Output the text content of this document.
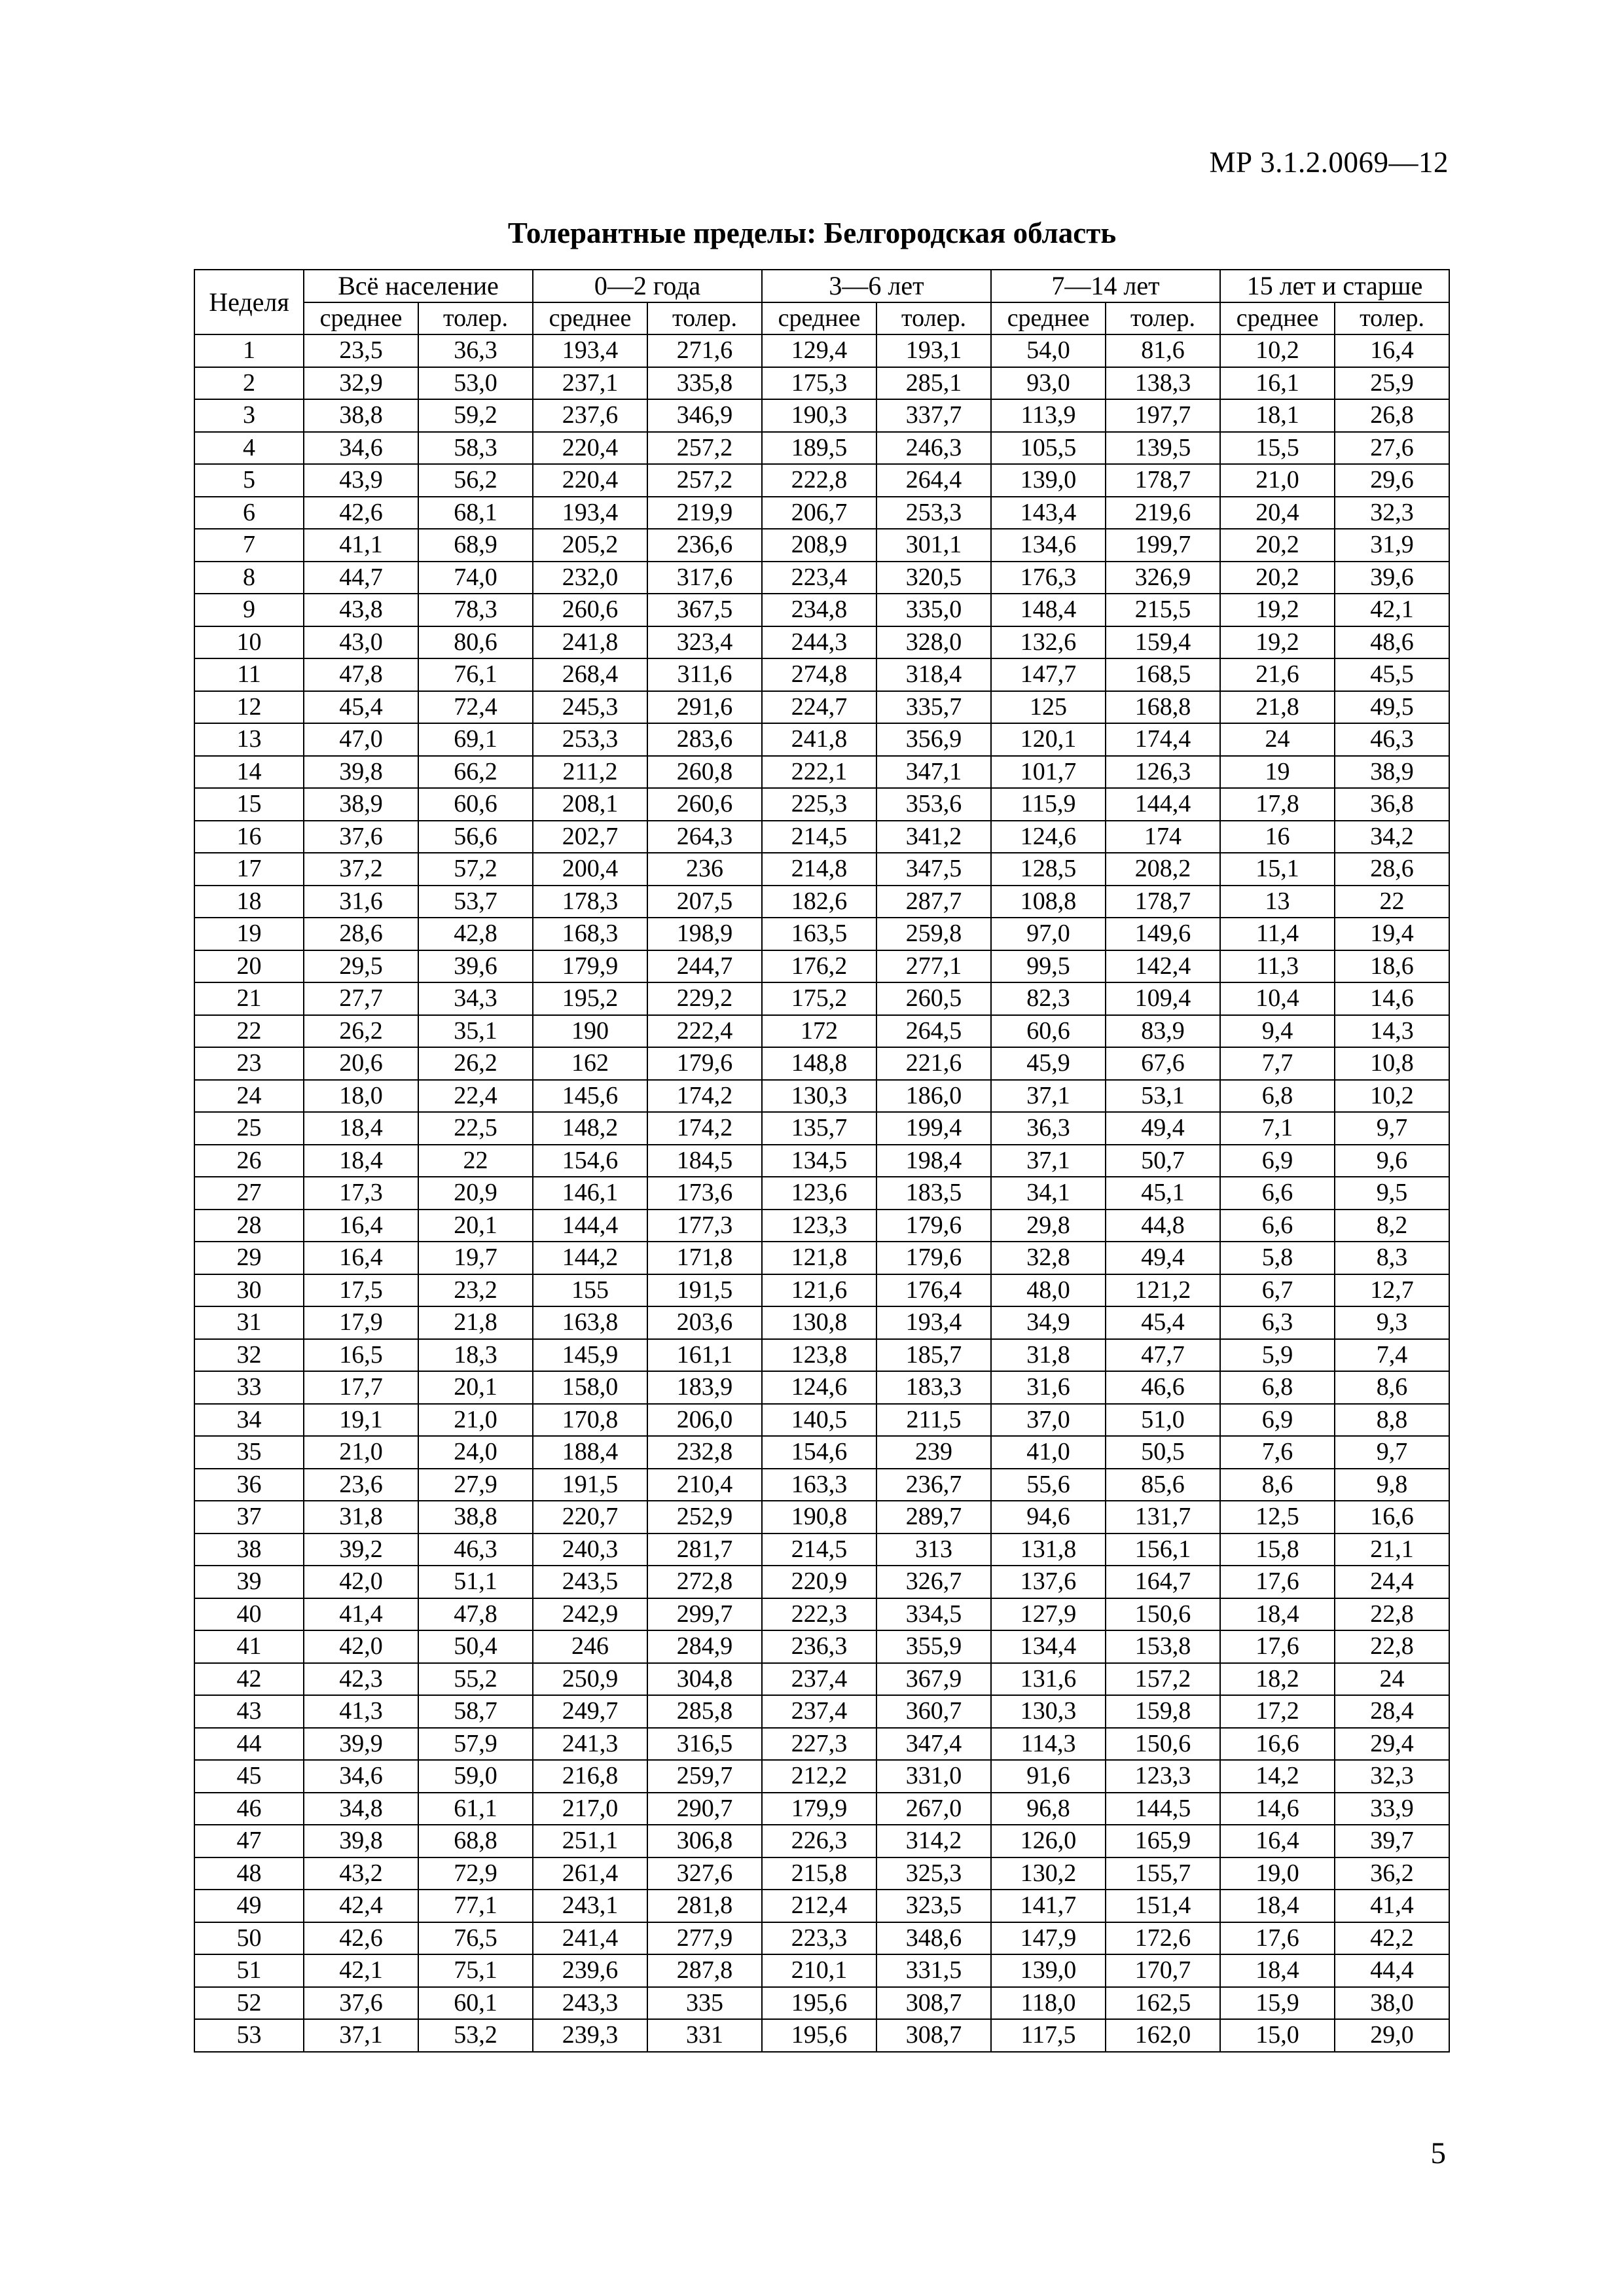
МР 3.1.2.0069—12
Толерантные пределы: Белгородская область
Неделя	Всё население		0—2 года		3—6 лет		7—14 лет		15 лет и старше	
	среднее	толер.	среднее	толер.	среднее	толер.	среднее	толер.	среднее	толер.
1	23,5	36,3	193,4	271,6	129,4	193,1	54,0	81,6	10,2	16,4
2	32,9	53,0	237,1	335,8	175,3	285,1	93,0	138,3	16,1	25,9
3	38,8	59,2	237,6	346,9	190,3	337,7	113,9	197,7	18,1	26,8
4	34,6	58,3	220,4	257,2	189,5	246,3	105,5	139,5	15,5	27,6
5	43,9	56,2	220,4	257,2	222,8	264,4	139,0	178,7	21,0	29,6
6	42,6	68,1	193,4	219,9	206,7	253,3	143,4	219,6	20,4	32,3
7	41,1	68,9	205,2	236,6	208,9	301,1	134,6	199,7	20,2	31,9
8	44,7	74,0	232,0	317,6	223,4	320,5	176,3	326,9	20,2	39,6
9	43,8	78,3	260,6	367,5	234,8	335,0	148,4	215,5	19,2	42,1
10	43,0	80,6	241,8	323,4	244,3	328,0	132,6	159,4	19,2	48,6
11	47,8	76,1	268,4	311,6	274,8	318,4	147,7	168,5	21,6	45,5
12	45,4	72,4	245,3	291,6	224,7	335,7	125	168,8	21,8	49,5
13	47,0	69,1	253,3	283,6	241,8	356,9	120,1	174,4	24	46,3
14	39,8	66,2	211,2	260,8	222,1	347,1	101,7	126,3	19	38,9
15	38,9	60,6	208,1	260,6	225,3	353,6	115,9	144,4	17,8	36,8
16	37,6	56,6	202,7	264,3	214,5	341,2	124,6	174	16	34,2
17	37,2	57,2	200,4	236	214,8	347,5	128,5	208,2	15,1	28,6
18	31,6	53,7	178,3	207,5	182,6	287,7	108,8	178,7	13	22
19	28,6	42,8	168,3	198,9	163,5	259,8	97,0	149,6	11,4	19,4
20	29,5	39,6	179,9	244,7	176,2	277,1	99,5	142,4	11,3	18,6
21	27,7	34,3	195,2	229,2	175,2	260,5	82,3	109,4	10,4	14,6
22	26,2	35,1	190	222,4	172	264,5	60,6	83,9	9,4	14,3
23	20,6	26,2	162	179,6	148,8	221,6	45,9	67,6	7,7	10,8
24	18,0	22,4	145,6	174,2	130,3	186,0	37,1	53,1	6,8	10,2
25	18,4	22,5	148,2	174,2	135,7	199,4	36,3	49,4	7,1	9,7
26	18,4	22	154,6	184,5	134,5	198,4	37,1	50,7	6,9	9,6
27	17,3	20,9	146,1	173,6	123,6	183,5	34,1	45,1	6,6	9,5
28	16,4	20,1	144,4	177,3	123,3	179,6	29,8	44,8	6,6	8,2
29	16,4	19,7	144,2	171,8	121,8	179,6	32,8	49,4	5,8	8,3
30	17,5	23,2	155	191,5	121,6	176,4	48,0	121,2	6,7	12,7
31	17,9	21,8	163,8	203,6	130,8	193,4	34,9	45,4	6,3	9,3
32	16,5	18,3	145,9	161,1	123,8	185,7	31,8	47,7	5,9	7,4
33	17,7	20,1	158,0	183,9	124,6	183,3	31,6	46,6	6,8	8,6
34	19,1	21,0	170,8	206,0	140,5	211,5	37,0	51,0	6,9	8,8
35	21,0	24,0	188,4	232,8	154,6	239	41,0	50,5	7,6	9,7
36	23,6	27,9	191,5	210,4	163,3	236,7	55,6	85,6	8,6	9,8
37	31,8	38,8	220,7	252,9	190,8	289,7	94,6	131,7	12,5	16,6
38	39,2	46,3	240,3	281,7	214,5	313	131,8	156,1	15,8	21,1
39	42,0	51,1	243,5	272,8	220,9	326,7	137,6	164,7	17,6	24,4
40	41,4	47,8	242,9	299,7	222,3	334,5	127,9	150,6	18,4	22,8
41	42,0	50,4	246	284,9	236,3	355,9	134,4	153,8	17,6	22,8
42	42,3	55,2	250,9	304,8	237,4	367,9	131,6	157,2	18,2	24
43	41,3	58,7	249,7	285,8	237,4	360,7	130,3	159,8	17,2	28,4
44	39,9	57,9	241,3	316,5	227,3	347,4	114,3	150,6	16,6	29,4
45	34,6	59,0	216,8	259,7	212,2	331,0	91,6	123,3	14,2	32,3
46	34,8	61,1	217,0	290,7	179,9	267,0	96,8	144,5	14,6	33,9
47	39,8	68,8	251,1	306,8	226,3	314,2	126,0	165,9	16,4	39,7
48	43,2	72,9	261,4	327,6	215,8	325,3	130,2	155,7	19,0	36,2
49	42,4	77,1	243,1	281,8	212,4	323,5	141,7	151,4	18,4	41,4
50	42,6	76,5	241,4	277,9	223,3	348,6	147,9	172,6	17,6	42,2
51	42,1	75,1	239,6	287,8	210,1	331,5	139,0	170,7	18,4	44,4
52	37,6	60,1	243,3	335	195,6	308,7	118,0	162,5	15,9	38,0
53	37,1	53,2	239,3	331	195,6	308,7	117,5	162,0	15,0	29,0
5
